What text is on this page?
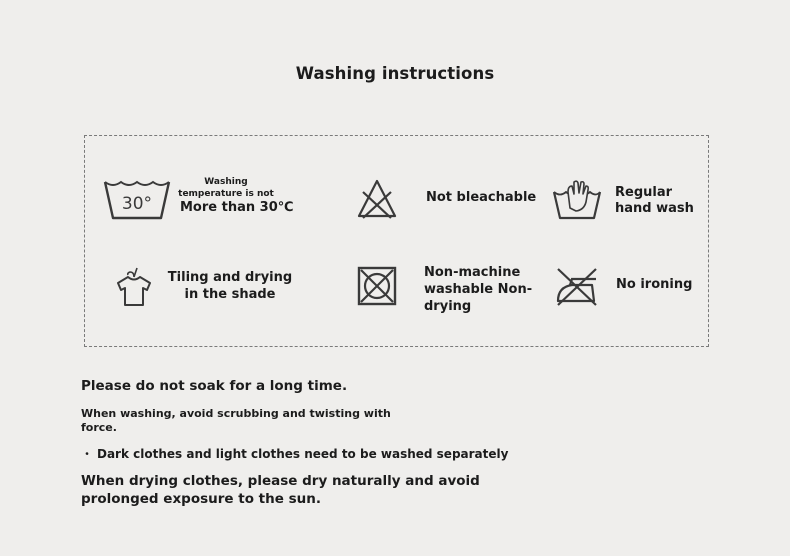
Washing instructions
30°
Washing temperature is not
More than 30℃
Not bleachable	Regular hand wash
Tiling and drying in the shade
Non-machine washable Non-drying
No ironing
Please do not soak for a long time.
When washing, avoid scrubbing and twisting with force.
・ Dark clothes and light clothes need to be washed separately
When drying clothes, please dry naturally and avoid prolonged exposure to the sun.
